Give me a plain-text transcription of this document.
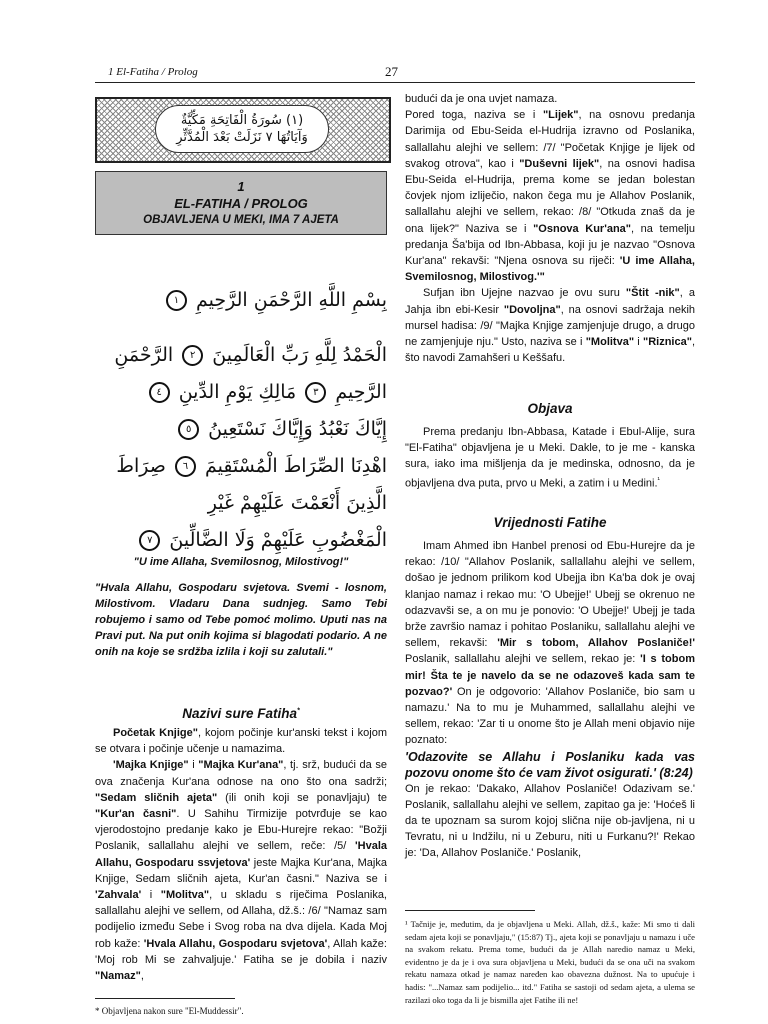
1 El-Fatiha / Prolog	27
(١) سُورَةُ الْفَاتِحَةِ مَكِّيَّةٌ
وَآيَاتُهَا ٧ نَزَلَتْ بَعْدَ الْمُدَّثِّرِ
1
EL-FATIHA / PROLOG
OBJAVLJENA U MEKI, IMA 7 AJETA
بِسْمِ اللَّهِ الرَّحْمَنِ الرَّحِيمِ ١
الْحَمْدُ لِلَّهِ رَبِّ الْعَالَمِينَ ٢ الرَّحْمَنِ
الرَّحِيمِ ٣ مَالِكِ يَوْمِ الدِّينِ ٤
إِيَّاكَ نَعْبُدُ وَإِيَّاكَ نَسْتَعِينُ ٥
اهْدِنَا الصِّرَاطَ الْمُسْتَقِيمَ ٦ صِرَاطَ
الَّذِينَ أَنْعَمْتَ عَلَيْهِمْ غَيْرِ
الْمَغْضُوبِ عَلَيْهِمْ وَلَا الضَّالِّينَ ٧
"U ime Allaha, Svemilosnog, Milostivog!"
"Hvala Allahu, Gospodaru svjetova. Svemi - losnom, Milostivom. Vladaru Dana sudnjeg. Samo Tebi robujemo i samo od Tebe pomoć molimo. Uputi nas na Pravi put. Na put onih kojima si blagodati podario. A ne onih na koje se srdžba izlila i koji su zalutali."
Nazivi sure Fatiha*

Početak Knjige", kojom počinje kur'anski tekst i kojom se otvara i počinje učenje u namazima.

'Majka Knjige" i "Majka Kur'ana", tj. srž, budući da se ova značenja Kur'ana odnose na ono što ona sadrži; "Sedam sličnih ajeta" (ili onih koji se ponavljaju) te "Kur'an časni". U Sahihu Tirmizije potvrđuje se kao vjerodostojno predanje kako je Ebu-Hurejre rekao: "Božji Poslanik, sallallahu alejhi ve sellem, reče: /5/ 'Hvala Allahu, Gospodaru ssvjetova' jeste Majka Kur'ana, Majka Knjige, Sedam sličnih ajeta, Kur'an časni." Naziva se i 'Zahvala' i "Molitva", u skladu s riječima Poslanika, sallallahu alejhi ve sellem, od Allaha, dž.š.: /6/ "Namaz sam podijelio između Sebe i Svog roba na dva dijela. Kada Moj rob kaže: 'Hvala Allahu, Gospodaru svjetova', Allah kaže: 'Moj rob Mi se zahvaljuje.' Fatiha se je dobila i naziv "Namaz",

* Objavljena nakon sure "El-Muddessir".
budući da je ona uvjet namaza.
Pored toga, naziva se i "Lijek", na osnovu predanja Darimija od Ebu-Seida el-Hudrija izravno od Poslanika, sallallahu alejhi ve sellem: /7/ "Početak Knjige je lijek od svakog otrova", kao i "Duševni lijek", na osnovi hadisa Ebu-Seida el-Hudrija, prema kome se jedan bolestan čovjek njom izliječio, nakon čega mu je Allahov Poslanik, sallallahu alejhi ve sellem, rekao: /8/ "Otkuda znaš da je ona lijek?" Naziva se i "Osnova Kur'ana", na temelju predanja Ša'bija od Ibn-Abbasa, koji ju je nazvao "Osnova Kur'ana" rekavši: "Njena osnova su riječi: 'U ime Allaha, Svemilosnog, Milostivog.'"

Sufjan ibn Ujejne nazvao je ovu suru "Štit -nik", a Jahja ibn ebi-Kesir "Dovoljna", na osnovi sadržaja nekih mursel hadisa: /9/ "Majka Knjige zamjenjuje drugo, a drugo ne zamjenjuje nju." Usto, naziva se i "Molitva" i "Riznica", što navodi Zamahšeri u Keššafu.

Objava

Prema predanju Ibn-Abbasa, Katade i Ebul-Alije, sura "El-Fatiha" objavljena je u Meki. Dakle, to je me - kanska sura, iako ima mišljenja da je medinska, odnosno, da je objavljena dva puta, prvo u Meki, a zatim i u Medini.$^{^1}$

Vrijednosti Fatihe

Imam Ahmed ibn Hanbel prenosi od Ebu-Hurejre da je rekao: /10/ "Allahov Poslanik, sallallahu alejhi ve sellem, došao je jednom prilikom kod Ubejja ibn Ka'ba dok je ovaj klanjao namaz i rekao mu: 'O Ubejje!' Ubejj se okrenuo ne odazvavši se, a on mu je ponovio: 'O Ubejje!' Ubejj je tada brže završio namaz i pohitao Poslaniku, sallallahu alejhi ve sellem, rekavši: 'Mir s tobom, Allahov Poslaniče!' Poslanik, sallallahu alejhi ve sellem, rekao je: 'I s tobom mir! Šta te je navelo da se ne odazoveš kada sam te pozvao?' On je odgovorio: 'Allahov Poslaniče, bio sam u namazu.' Na to mu je Muhammed, sallallahu alejhi ve sellem, rekao: 'Zar ti u onome što je Allah meni objavio nije poznato:

'Odazovite se Allahu i Poslaniku kada vas pozovu onome što će vam život osigurati.' (8:24)
On je rekao: 'Dakako, Allahov Poslaniče! Odazivam se.' Poslanik, sallallahu alejhi ve sellem, zapitao ga je: 'Hoćeš li da te upoznam sa surom kojoj slična nije ob-javljena, ni u Tevratu, ni u Indžilu, ni u Zeburu, niti u Furkanu?!' Rekao je: 'Da, Allahov Poslaniče.' Poslanik,
¹ Tačnije je, međutim, da je objavljena u Meki. Allah, dž.š., kaže: Mi smo ti dali sedam ajeta koji se ponavljaju," (15:87) Tj., ajeta koji se ponavljaju u namazu i uče na svakom rekatu. Prema tome, budući da je Allah naredio namaz u Meki, evidentno je da je i ova sura objavljena u Meki, budući da se ona uči na svakom rekatu namaza otkad je namaz naređen kao obavezna dužnost. Na to upućuje i hadis: "...Namaz sam podijelio... itd." Fatiha se sastoji od sedam ajeta, a ulema se razilazi oko toga da li je bismilla ajet Fatihe ili ne!
